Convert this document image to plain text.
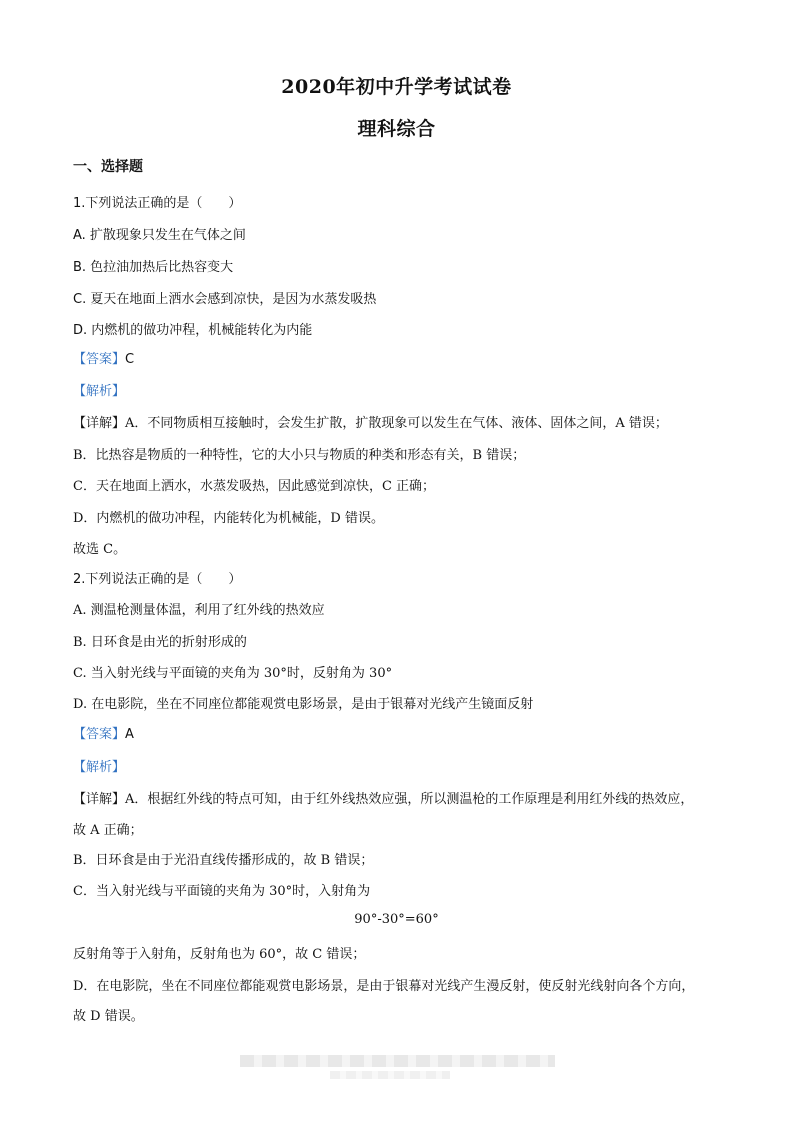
2020年初中升学考试试卷
理科综合
一、选择题
1.下列说法正确的是（　　）
A. 扩散现象只发生在气体之间
B. 色拉油加热后比热容变大
C. 夏天在地面上洒水会感到凉快，是因为水蒸发吸热
D. 内燃机的做功冲程，机械能转化为内能
【答案】C
【解析】
【详解】A．不同物质相互接触时，会发生扩散，扩散现象可以发生在气体、液体、固体之间，A 错误；
B．比热容是物质的一种特性，它的大小只与物质的种类和形态有关，B 错误；
C．天在地面上洒水，水蒸发吸热，因此感觉到凉快，C 正确；
D．内燃机的做功冲程，内能转化为机械能，D 错误。
故选 C。
2.下列说法正确的是（　　）
A. 测温枪测量体温，利用了红外线的热效应
B. 日环食是由光的折射形成的
C. 当入射光线与平面镜的夹角为 30°时，反射角为 30°
D. 在电影院，坐在不同座位都能观赏电影场景，是由于银幕对光线产生镜面反射
【答案】A
【解析】
【详解】A．根据红外线的特点可知，由于红外线热效应强，所以测温枪的工作原理是利用红外线的热效应，
故 A 正确；
B．日环食是由于光沿直线传播形成的，故 B 错误；
C．当入射光线与平面镜的夹角为 30°时，入射角为
90°-30°=60°
反射角等于入射角，反射角也为 60°，故 C 错误；
D．在电影院，坐在不同座位都能观赏电影场景，是由于银幕对光线产生漫反射，使反射光线射向各个方向，
故 D 错误。
